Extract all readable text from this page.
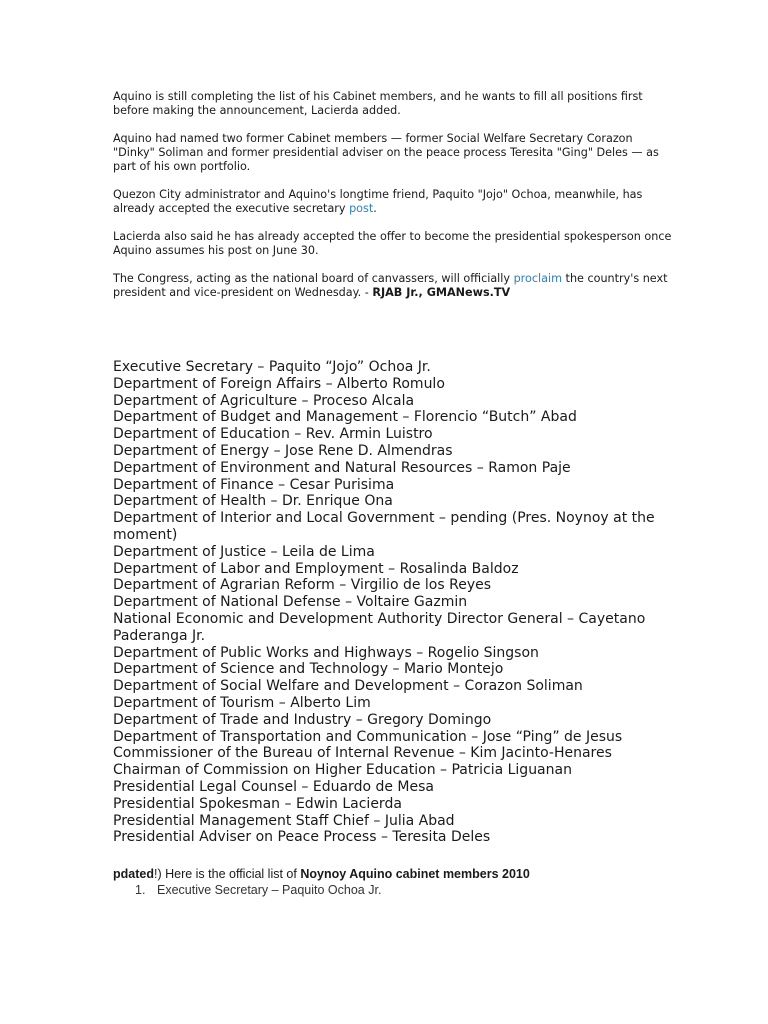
Aquino is still completing the list of his Cabinet members, and he wants to fill all positions first before making the announcement, Lacierda added.

Aquino had named two former Cabinet members — former Social Welfare Secretary Corazon "Dinky" Soliman and former presidential adviser on the peace process Teresita "Ging" Deles — as part of his own portfolio.

Quezon City administrator and Aquino's longtime friend, Paquito "Jojo" Ochoa, meanwhile, has already accepted the executive secretary post.

Lacierda also said he has already accepted the offer to become the presidential spokesperson once Aquino assumes his post on June 30.

The Congress, acting as the national board of canvassers, will officially proclaim the country's next president and vice-president on Wednesday. - RJAB Jr., GMANews.TV

Executive Secretary – Paquito “Jojo” Ochoa Jr.
Department of Foreign Affairs – Alberto Romulo
Department of Agriculture – Proceso Alcala
Department of Budget and Management – Florencio “Butch” Abad
Department of Education – Rev. Armin Luistro
Department of Energy – Jose Rene D. Almendras
Department of Environment and Natural Resources – Ramon Paje
Department of Finance – Cesar Purisima
Department of Health – Dr. Enrique Ona
Department of Interior and Local Government – pending (Pres. Noynoy at the moment)
Department of Justice – Leila de Lima
Department of Labor and Employment – Rosalinda Baldoz
Department of Agrarian Reform – Virgilio de los Reyes
Department of National Defense – Voltaire Gazmin
National Economic and Development Authority Director General – Cayetano Paderanga Jr.
Department of Public Works and Highways – Rogelio Singson
Department of Science and Technology – Mario Montejo
Department of Social Welfare and Development – Corazon Soliman
Department of Tourism – Alberto Lim
Department of Trade and Industry – Gregory Domingo
Department of Transportation and Communication – Jose “Ping” de Jesus
Commissioner of the Bureau of Internal Revenue – Kim Jacinto-Henares
Chairman of Commission on Higher Education – Patricia Liguanan
Presidential Legal Counsel – Eduardo de Mesa
Presidential Spokesman – Edwin Lacierda
Presidential Management Staff Chief – Julia Abad
Presidential Adviser on Peace Process – Teresita Deles
pdated!) Here is the official list of Noynoy Aquino cabinet members 2010
1. Executive Secretary – Paquito Ochoa Jr.
